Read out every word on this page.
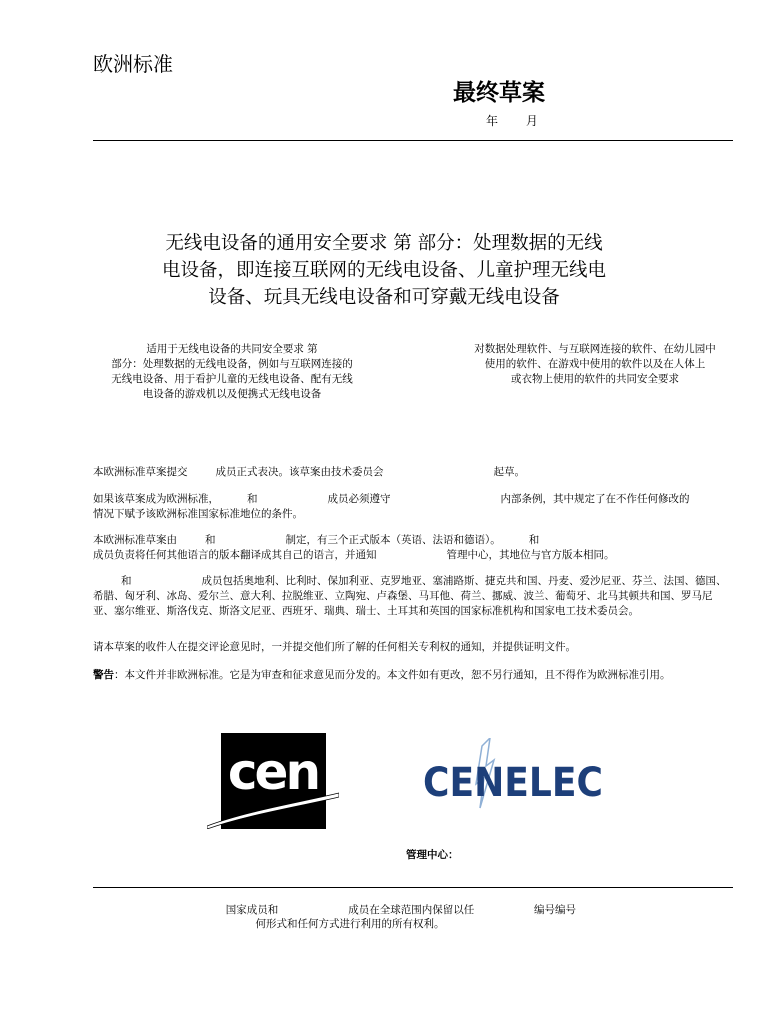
欧洲标准
最终草案
年 月
无线电设备的通用安全要求 第 部分：处理数据的无线
电设备，即连接互联网的无线电设备、儿童护理无线电
设备、玩具无线电设备和可穿戴无线电设备
适用于无线电设备的共同安全要求 第
部分：处理数据的无线电设备，例如与互联网连接的
无线电设备、用于看护儿童的无线电设备、配有无线
电设备的游戏机以及便携式无线电设备
对数据处理软件、与互联网连接的软件、在幼儿园中
使用的软件、在游戏中使用的软件以及在人体上
或衣物上使用的软件的共同安全要求
本欧洲标准草案提交	成员正式表决。该草案由技术委员会	起草。
如果该草案成为欧洲标准，	和	成员必须遵守	内部条例，其中规定了在不作任何修改的
情况下赋予该欧洲标准国家标准地位的条件。
本欧洲标准草案由	和	制定，有三个正式版本（英语、法语和德语）。	和
成员负责将任何其他语言的版本翻译成其自己的语言，并通知	管理中心，其地位与官方版本相同。
和	成员包括奥地利、比利时、保加利亚、克罗地亚、塞浦路斯、捷克共和国、丹麦、爱沙尼亚、芬兰、法国、德国、希腊、匈牙利、冰岛、爱尔兰、意大利、拉脱维亚、立陶宛、卢森堡、马耳他、荷兰、挪威、波兰、葡萄牙、北马其顿共和国、罗马尼亚、塞尔维亚、斯洛伐克、斯洛文尼亚、西班牙、瑞典、瑞士、土耳其和英国的国家标准机构和国家电工技术委员会。
请本草案的收件人在提交评论意见时，一并提交他们所了解的任何相关专利权的通知，并提供证明文件。
警告：本文件并非欧洲标准。它是为审查和征求意见而分发的。本文件如有更改，恕不另行通知，且不得作为欧洲标准引用。
cen	CENELEC
管理中心：
国家成员和	成员在全球范围内保留以任
何形式和任何方式进行利用的所有权利。
编号编号
